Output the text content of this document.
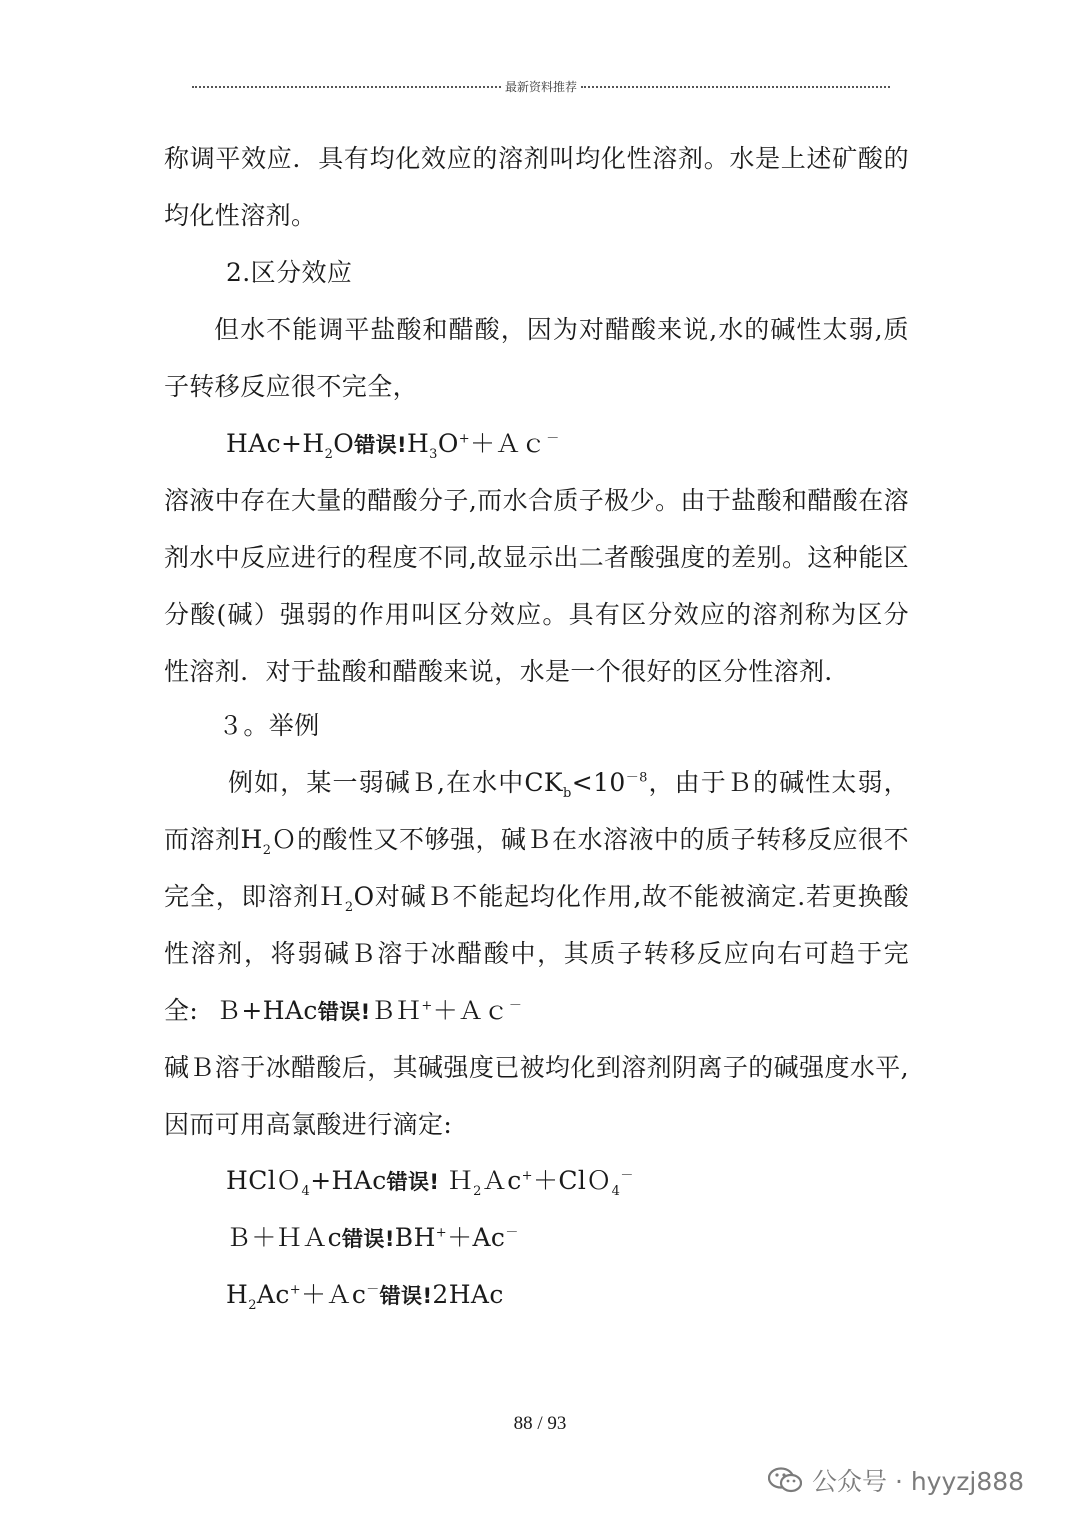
最新资料推荐
称调平效应．具有均化效应的溶剂叫均化性溶剂。水是上述矿酸的均化性溶剂。
2.区分效应
但水不能调平盐酸和醋酸，因为对醋酸来说,水的碱性太弱,质子转移反应很不完全，
$HAc+H_2O$错误$!H_3O^++Ac^-$
溶液中存在大量的醋酸分子,而水合质子极少。由于盐酸和醋酸在溶剂水中反应进行的程度不同,故显示出二者酸强度的差别。这种能区分酸(碱）强弱的作用叫区分效应。具有区分效应的溶剂称为区分性溶剂．对于盐酸和醋酸来说，水是一个很好的区分性溶剂．
３。举例
例如，某一弱碱Ｂ,在水中$CK_b<10^{-8}$，由于Ｂ的碱性太弱，而溶剂$H_2O$的酸性又不够强，碱Ｂ在水溶液中的质子转移反应很不完全，即溶剂Ｈ$_2$O对碱Ｂ不能起均化作用,故不能被滴定.若更换酸性溶剂，将弱碱Ｂ溶于冰醋酸中，其质子转移反应向右可趋于完全: Ｂ+HAc错误!ＢＨ+＋Ａｃ－
碱Ｂ溶于冰醋酸后，其碱强度已被均化到溶剂阴离子的碱强度水平,因而可用高氯酸进行滴定:
HClＯ$_4$+HAc错误! Ｈ$_2$Ａc+＋ClＯ$_4$－
Ｂ＋ＨＡc错误!BH+＋Ac－
$H_2Ac^++Ac^-$错误!2HAc
88 / 93
公众号 · hyyzj888
